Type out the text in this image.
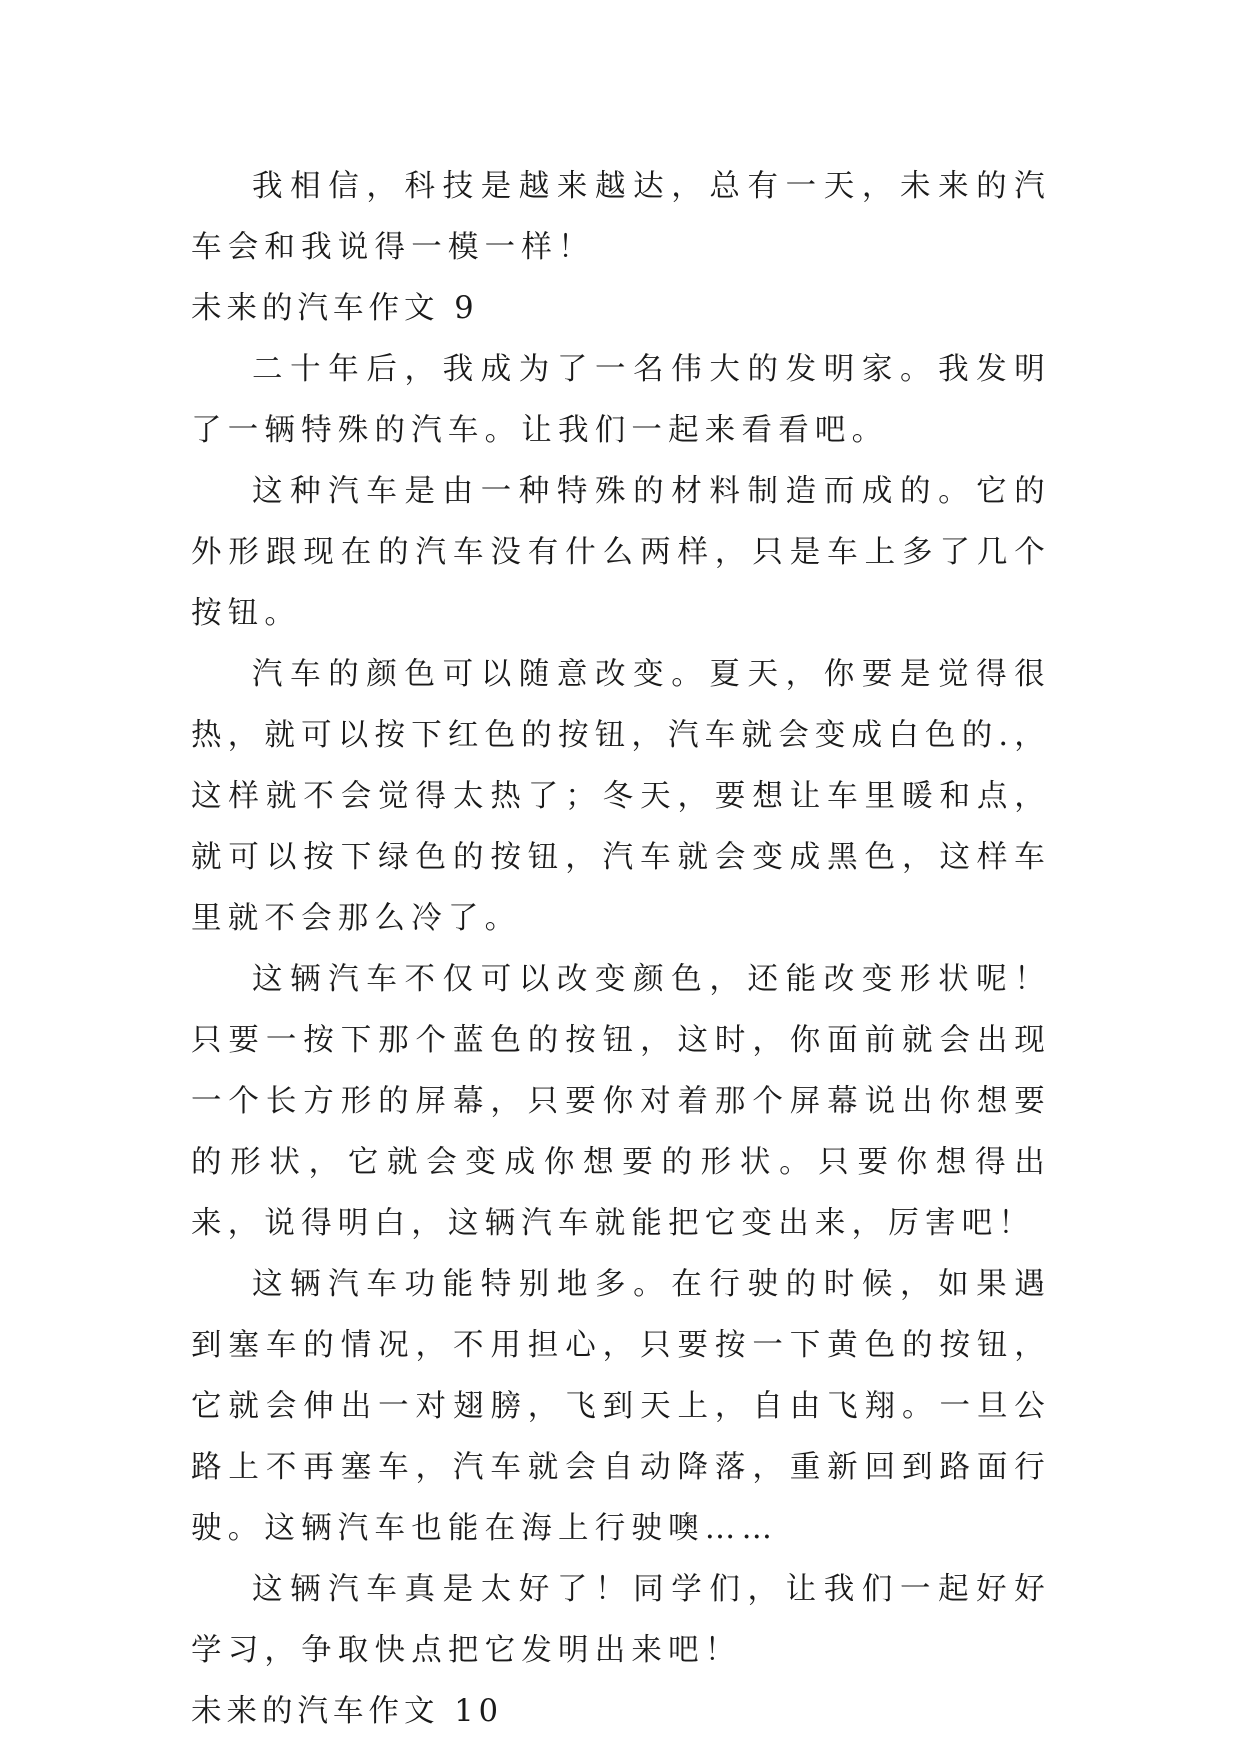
我相信，科技是越来越达，总有一天，未来的汽车会和我说得一模一样！

未来的汽车作文 9

二十年后，我成为了一名伟大的发明家。我发明了一辆特殊的汽车。让我们一起来看看吧。

这种汽车是由一种特殊的材料制造而成的。它的外形跟现在的汽车没有什么两样，只是车上多了几个按钮。

汽车的颜色可以随意改变。夏天，你要是觉得很热，就可以按下红色的按钮，汽车就会变成白色的.，这样就不会觉得太热了；冬天，要想让车里暖和点，就可以按下绿色的按钮，汽车就会变成黑色，这样车里就不会那么冷了。

这辆汽车不仅可以改变颜色，还能改变形状呢！只要一按下那个蓝色的按钮，这时，你面前就会出现一个长方形的屏幕，只要你对着那个屏幕说出你想要的形状，它就会变成你想要的形状。只要你想得出来，说得明白，这辆汽车就能把它变出来，厉害吧！

这辆汽车功能特别地多。在行驶的时候，如果遇到塞车的情况，不用担心，只要按一下黄色的按钮，它就会伸出一对翅膀，飞到天上，自由飞翔。一旦公路上不再塞车，汽车就会自动降落，重新回到路面行驶。这辆汽车也能在海上行驶噢……

这辆汽车真是太好了！同学们，让我们一起好好学习，争取快点把它发明出来吧！

未来的汽车作文 10
